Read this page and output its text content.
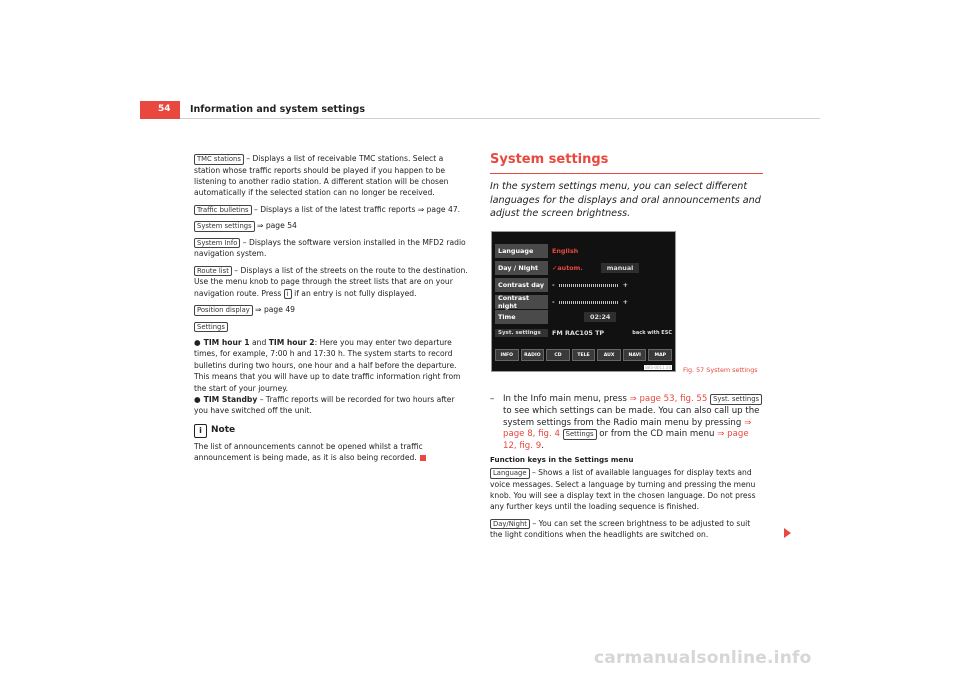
54 Information and system settings
TMC stations – Displays a list of receivable TMC stations. Select a station whose traffic reports should be played if you happen to be listening to another radio station. A different station will be chosen automatically if the selected station can no longer be received.
Traffic bulletins – Displays a list of the latest traffic reports ⇒ page 47.
System settings ⇒ page 54
System Info – Displays the software version installed in the MFD2 radio navigation system.
Route list – Displays a list of the streets on the route to the destination. Use the menu knob to page through the street lists that are on your navigation route. Press i if an entry is not fully displayed.
Position display ⇒ page 49
Settings
● TIM hour 1 and TIM hour 2: Here you may enter two departure times, for example, 7:00 h and 17:30 h. The system starts to record bulletins during two hours, one hour and a half before the departure. This means that you will have up to date traffic information right from the start of your journey.
● TIM Standby – Traffic reports will be recorded for two hours after you have switched off the unit.
i	Note
The list of announcements cannot be opened whilst a traffic announcement is being made, as it is also being recorded.
System settings
In the system settings menu, you can select different languages for the displays and oral announcements and adjust the screen brightness.
Language	English
Day / Night	✓ autom.	manual
Contrast day	-	+
Contrast night	-	+
Time	02:24
Syst. settings	FM RAC105 TP	back with ESC
INFO	RADIO	CD	TELE	AUX	NAVI	MAP
B8S-0011 20 Fig. 57 System settings
–	In the Info main menu, press ⇒ page 53, fig. 55 Syst. settings to see which settings can be made. You can also call up the system settings from the Radio main menu by pressing ⇒ page 8, fig. 4 Settings or from the CD main menu ⇒ page 12, fig. 9.
Function keys in the Settings menu
Language – Shows a list of available languages for display texts and voice messages. Select a language by turning and pressing the menu knob. You will see a display text in the chosen language. Do not press any further keys until the loading sequence is finished.
Day/Night – You can set the screen brightness to be adjusted to suit the light conditions when the headlights are switched on.
carmanualsonline.info
